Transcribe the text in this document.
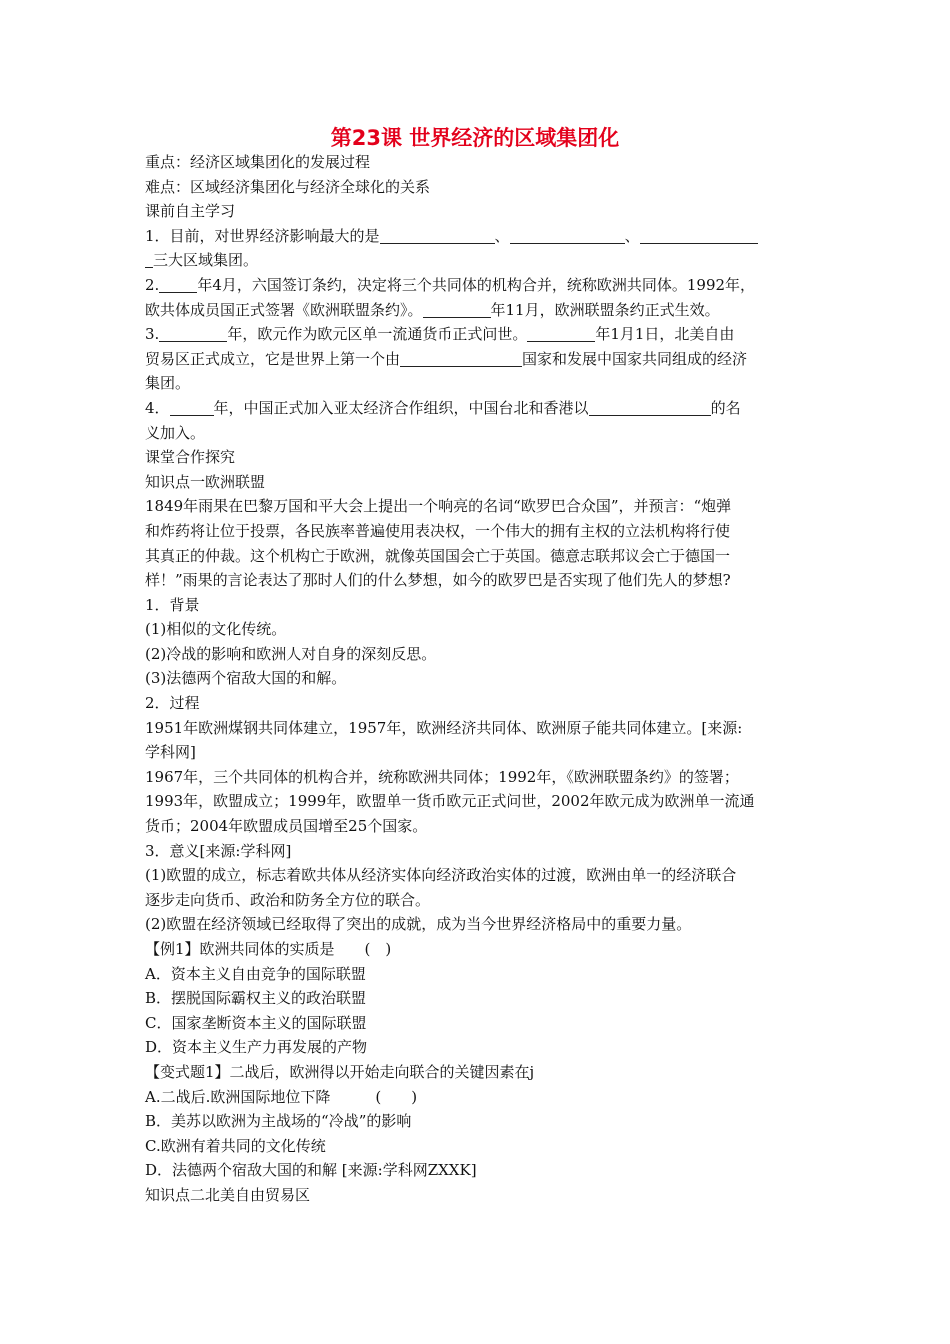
第23课 世界经济的区域集团化
重点：经济区域集团化的发展过程
难点：区域经济集团化与经济全球化的关系
课前自主学习
1．目前，对世界经济影响最大的是	、	、
三大区域集团。
2.	年4月，六国签订条约，决定将三个共同体的机构合并，统称欧洲共同体。1992年，
欧共体成员国正式签署《欧洲联盟条约》。	年11月，欧洲联盟条约正式生效。
3.	年，欧元作为欧元区单一流通货币正式问世。	年1月1日，北美自由
贸易区正式成立，它是世界上第一个由	国家和发展中国家共同组成的经济
集团。
4．	年，中国正式加入亚太经济合作组织，中国台北和香港以	的名
义加入。
课堂合作探究
知识点一欧洲联盟
1849年雨果在巴黎万国和平大会上提出一个响亮的名词“欧罗巴合众国”，并预言：“炮弹
和炸药将让位于投票，各民族率普遍使用表决权，一个伟大的拥有主权的立法机构将行使
其真正的仲裁。这个机构亡于欧洲，就像英国国会亡于英国。德意志联邦议会亡于德国一
样！”雨果的言论表达了那时人们的什么梦想，如今的欧罗巴是否实现了他们先人的梦想?
1．背景
(1)相似的文化传统。
(2)冷战的影响和欧洲人对自身的深刻反思。
(3)法德两个宿敌大国的和解。
2．过程
1951年欧洲煤钢共同体建立，1957年，欧洲经济共同体、欧洲原子能共同体建立。[来源:
学科网]
1967年，三个共同体的机构合并，统称欧洲共同体；1992年，《欧洲联盟条约》的签署；
1993年，欧盟成立；1999年，欧盟单一货币欧元正式问世，2002年欧元成为欧洲单一流通
货币；2004年欧盟成员国增至25个国家。
3．意义[来源:学科网]
(1)欧盟的成立，标志着欧共体从经济实体向经济政治实体的过渡，欧洲由单一的经济联合
逐步走向货币、政治和防务全方位的联合。
(2)欧盟在经济领域已经取得了突出的成就，成为当今世界经济格局中的重要力量。
【例1】欧洲共同体的实质是　　(　)
A．资本主义自由竞争的国际联盟
B．摆脱国际霸权主义的政治联盟
C．国家垄断资本主义的国际联盟
D．资本主义生产力再发展的产物
【变式题1】二战后，欧洲得以开始走向联合的关键因素在j
A.二战后.欧洲国际地位下降　　　(　　)
B．美苏以欧洲为主战场的“冷战”的影响
C.欧洲有着共同的文化传统
D．法德两个宿敌大国的和解 [来源:学科网ZXXK]
知识点二北美自由贸易区
